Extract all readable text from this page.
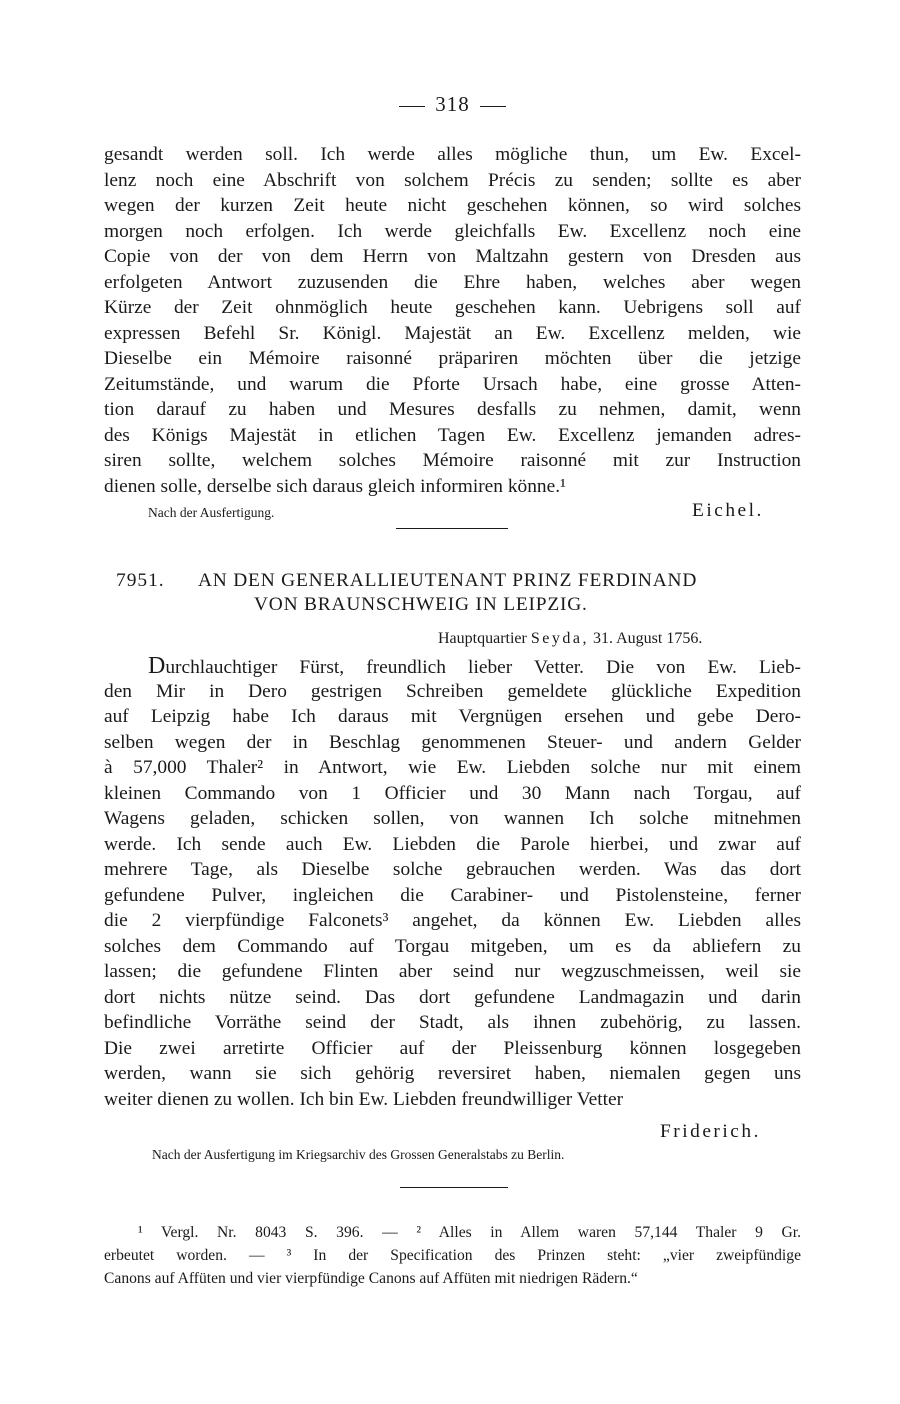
318
gesandt werden soll. Ich werde alles mögliche thun, um Ew. Excel-
lenz noch eine Abschrift von solchem Précis zu senden; sollte es aber
wegen der kurzen Zeit heute nicht geschehen können, so wird solches
morgen noch erfolgen. Ich werde gleichfalls Ew. Excellenz noch eine
Copie von der von dem Herrn von Maltzahn gestern von Dresden aus
erfolgeten Antwort zuzusenden die Ehre haben, welches aber wegen
Kürze der Zeit ohnmöglich heute geschehen kann. Uebrigens soll auf
expressen Befehl Sr. Königl. Majestät an Ew. Excellenz melden, wie
Dieselbe ein Mémoire raisonné präpariren möchten über die jetzige
Zeitumstände, und warum die Pforte Ursach habe, eine grosse Atten-
tion darauf zu haben und Mesures desfalls zu nehmen, damit, wenn
des Königs Majestät in etlichen Tagen Ew. Excellenz jemanden adres-
siren sollte, welchem solches Mémoire raisonné mit zur Instruction
dienen solle, derselbe sich daraus gleich informiren könne.¹
Nach der Ausfertigung.	Eichel.
7951. AN DEN GENERALLIEUTENANT PRINZ FERDINAND
VON BRAUNSCHWEIG IN LEIPZIG.
Hauptquartier Seyda, 31. August 1756.
Durchlauchtiger Fürst, freundlich lieber Vetter. Die von Ew. Lieb-
den Mir in Dero gestrigen Schreiben gemeldete glückliche Expedition
auf Leipzig habe Ich daraus mit Vergnügen ersehen und gebe Dero-
selben wegen der in Beschlag genommenen Steuer- und andern Gelder
à 57,000 Thaler² in Antwort, wie Ew. Liebden solche nur mit einem
kleinen Commando von 1 Officier und 30 Mann nach Torgau, auf
Wagens geladen, schicken sollen, von wannen Ich solche mitnehmen
werde. Ich sende auch Ew. Liebden die Parole hierbei, und zwar auf
mehrere Tage, als Dieselbe solche gebrauchen werden. Was das dort
gefundene Pulver, ingleichen die Carabiner- und Pistolensteine, ferner
die 2 vierpfündige Falconets³ angehet, da können Ew. Liebden alles
solches dem Commando auf Torgau mitgeben, um es da abliefern zu
lassen; die gefundene Flinten aber seind nur wegzuschmeissen, weil sie
dort nichts nütze seind. Das dort gefundene Landmagazin und darin
befindliche Vorräthe seind der Stadt, als ihnen zubehörig, zu lassen.
Die zwei arretirte Officier auf der Pleissenburg können losgegeben
werden, wann sie sich gehörig reversiret haben, niemalen gegen uns
weiter dienen zu wollen. Ich bin Ew. Liebden freundwilliger Vetter
Friderich.
Nach der Ausfertigung im Kriegsarchiv des Grossen Generalstabs zu Berlin.
¹ Vergl. Nr. 8043 S. 396. — ² Alles in Allem waren 57,144 Thaler 9 Gr.
erbeutet worden. — ³ In der Specification des Prinzen steht: „vier zweipfündige
Canons auf Affüten und vier vierpfündige Canons auf Affüten mit niedrigen Rädern.“
